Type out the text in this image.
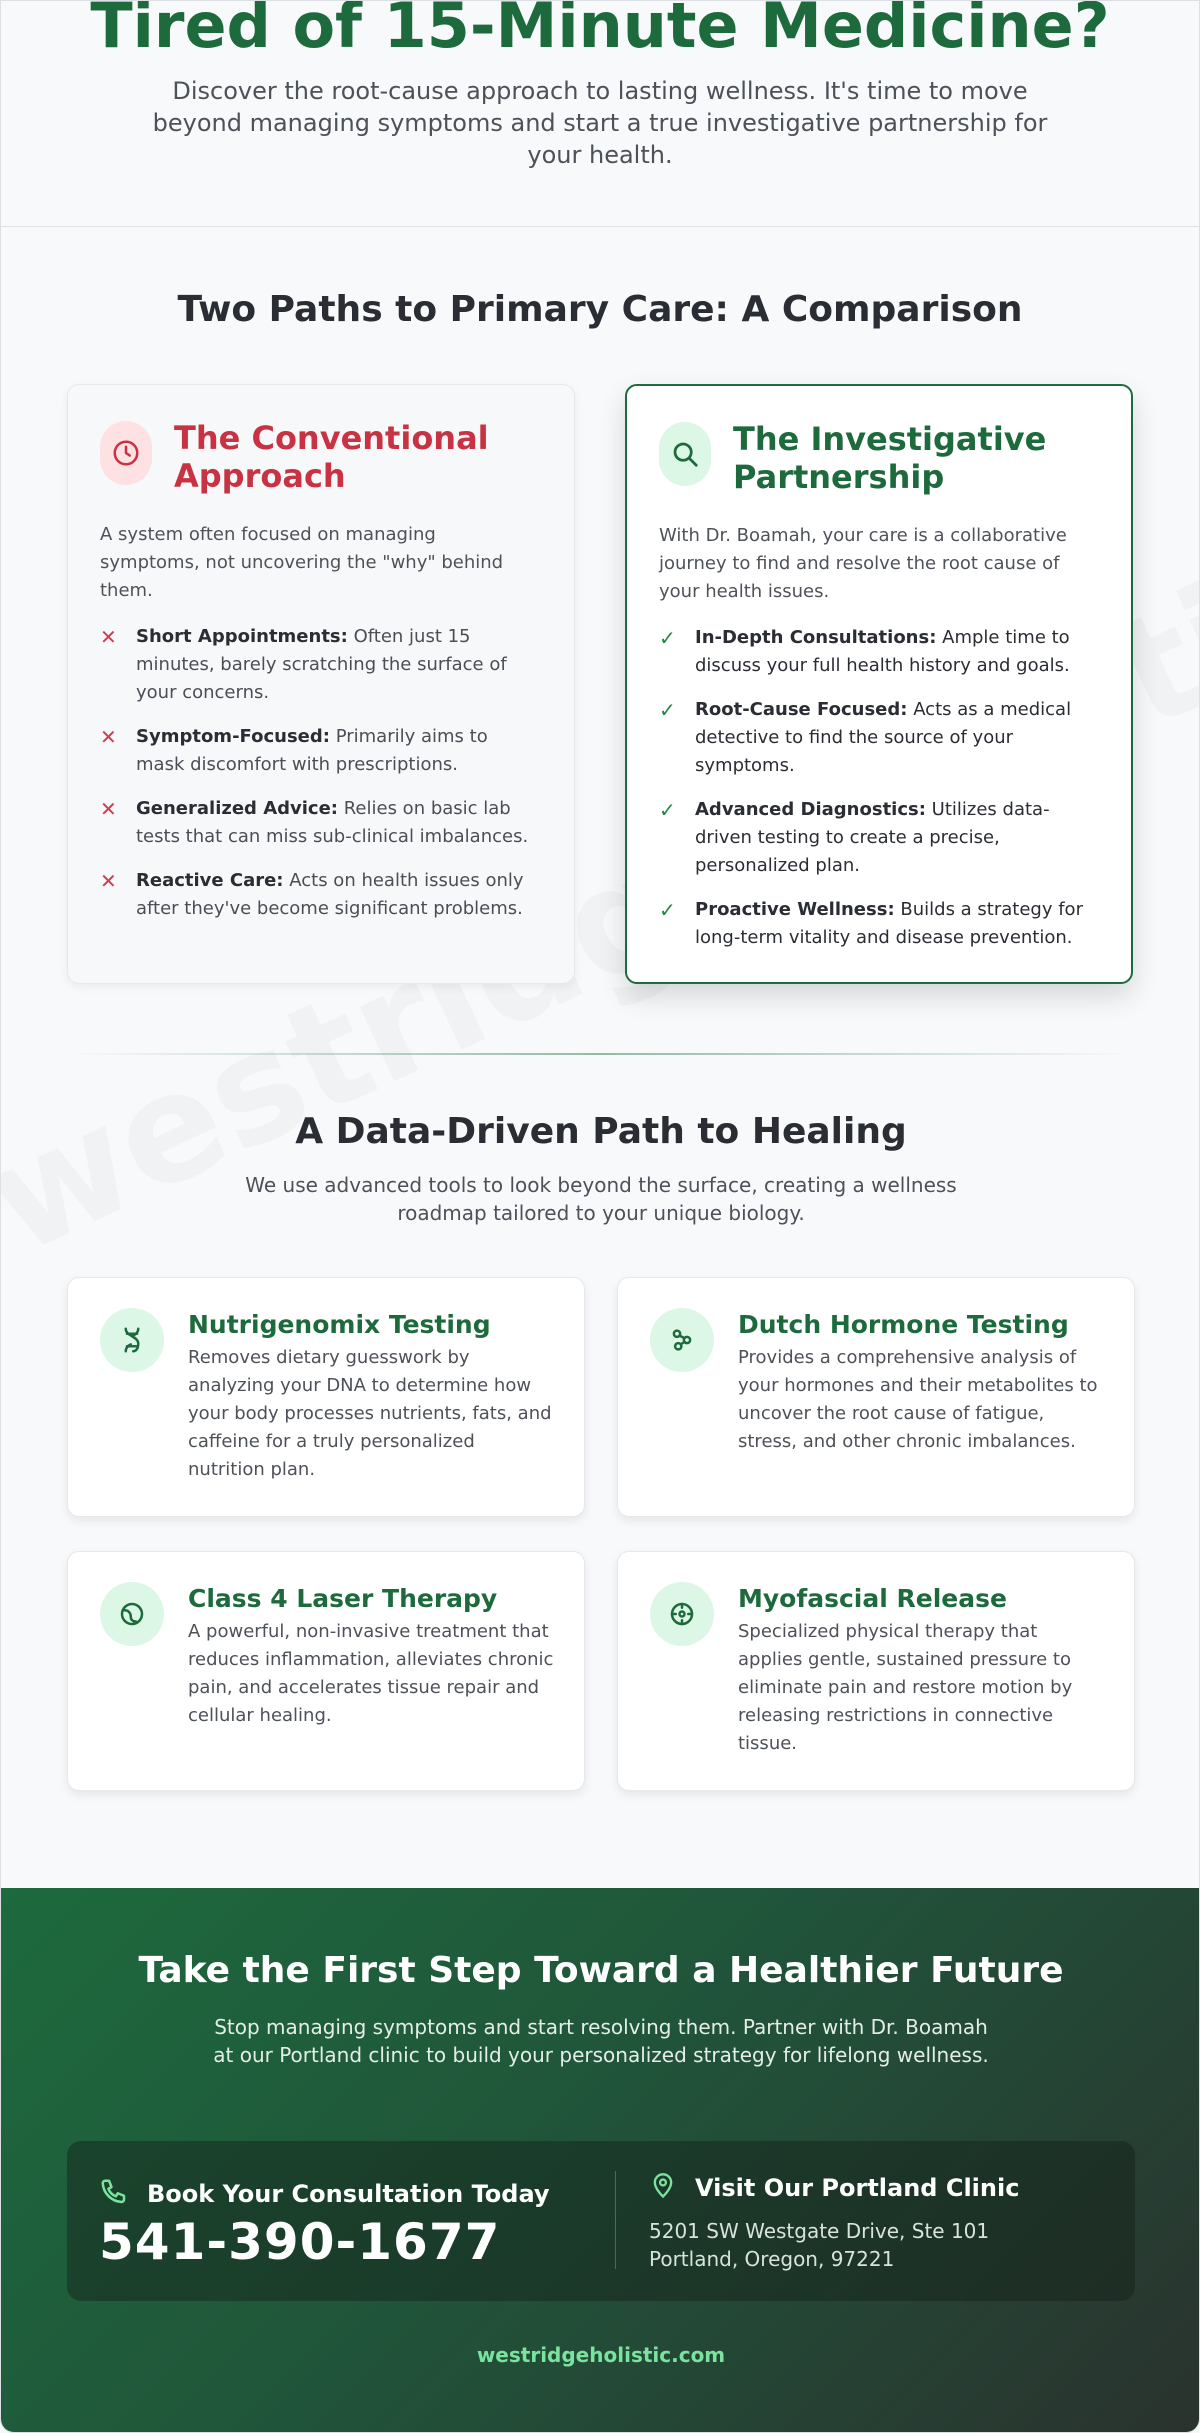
Tired of 15-Minute Medicine?

Discover the root-cause approach to lasting wellness. It's time to move beyond managing symptoms and start a true investigative partnership for your health.

Two Paths to Primary Care: A Comparison
The Conventional Approach

A system often focused on managing symptoms, not uncovering the "why" behind them.

✕	Short Appointments: Often just 15 minutes, barely scratching the surface of your concerns.
✕	Symptom-Focused: Primarily aims to mask discomfort with prescriptions.
✕	Generalized Advice: Relies on basic lab tests that can miss sub-clinical imbalances.
✕	Reactive Care: Acts on health issues only after they've become significant problems.
The Investigative Partnership

With Dr. Boamah, your care is a collaborative journey to find and resolve the root cause of your health issues.

✓	In-Depth Consultations: Ample time to discuss your full health history and goals.
✓	Root-Cause Focused: Acts as a medical detective to find the source of your symptoms.
✓	Advanced Diagnostics: Utilizes data-driven testing to create a precise, personalized plan.
✓	Proactive Wellness: Builds a strategy for long-term vitality and disease prevention.
A Data-Driven Path to Healing

We use advanced tools to look beyond the surface, creating a wellness roadmap tailored to your unique biology.

Nutrigenomix Testing

Removes dietary guesswork by analyzing your DNA to determine how your body processes nutrients, fats, and caffeine for a truly personalized nutrition plan.

Dutch Hormone Testing

Provides a comprehensive analysis of your hormones and their metabolites to uncover the root cause of fatigue, stress, and other chronic imbalances.

Class 4 Laser Therapy

A powerful, non-invasive treatment that reduces inflammation, alleviates chronic pain, and accelerates tissue repair and cellular healing.

Myofascial Release

Specialized physical therapy that applies gentle, sustained pressure to eliminate pain and restore motion by releasing restrictions in connective tissue.

Take the First Step Toward a Healthier Future

Stop managing symptoms and start resolving them. Partner with Dr. Boamah at our Portland clinic to build your personalized strategy for lifelong wellness.

Book Your Consultation Today
541-390-1677
Visit Our Portland Clinic
5201 SW Westgate Drive, Ste 101
Portland, Oregon, 97221
westridgeholistic.com
